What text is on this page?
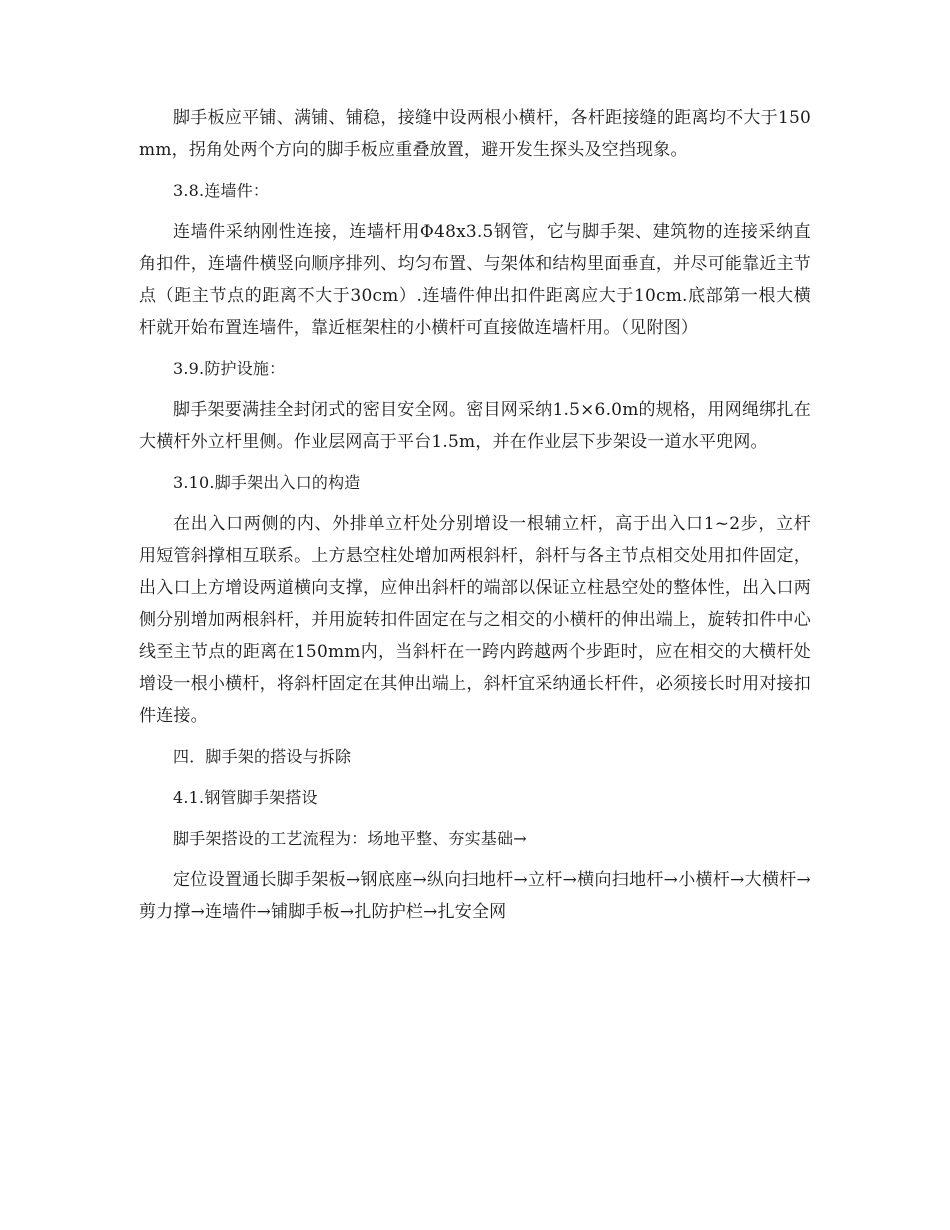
脚手板应平铺、满铺、铺稳，接缝中设两根小横杆，各杆距接缝的距离均不大于150mm，拐角处两个方向的脚手板应重叠放置，避开发生探头及空挡现象。

3.8.连墙件：

连墙件采纳刚性连接，连墙杆用Φ48x3.5钢管，它与脚手架、建筑物的连接采纳直角扣件，连墙件横竖向顺序排列、均匀布置、与架体和结构里面垂直，并尽可能靠近主节点（距主节点的距离不大于30cm）.连墙件伸出扣件距离应大于10cm.底部第一根大横杆就开始布置连墙件，靠近框架柱的小横杆可直接做连墙杆用。（见附图）

3.9.防护设施：

脚手架要满挂全封闭式的密目安全网。密目网采纳1.5×6.0m的规格，用网绳绑扎在大横杆外立杆里侧。作业层网高于平台1.5m，并在作业层下步架设一道水平兜网。

3.10.脚手架出入口的构造

在出入口两侧的内、外排单立杆处分别增设一根辅立杆，高于出入口1~2步，立杆用短管斜撑相互联系。上方悬空柱处增加两根斜杆，斜杆与各主节点相交处用扣件固定，出入口上方增设两道横向支撑，应伸出斜杆的端部以保证立柱悬空处的整体性，出入口两侧分别增加两根斜杆，并用旋转扣件固定在与之相交的小横杆的伸出端上，旋转扣件中心线至主节点的距离在150mm内，当斜杆在一跨内跨越两个步距时，应在相交的大横杆处增设一根小横杆，将斜杆固定在其伸出端上，斜杆宜采纳通长杆件，必须接长时用对接扣件连接。

四．脚手架的搭设与拆除

4.1.钢管脚手架搭设

脚手架搭设的工艺流程为：场地平整、夯实基础→

定位设置通长脚手架板→钢底座→纵向扫地杆→立杆→横向扫地杆→小横杆→大横杆→剪力撑→连墙件→铺脚手板→扎防护栏→扎安全网
